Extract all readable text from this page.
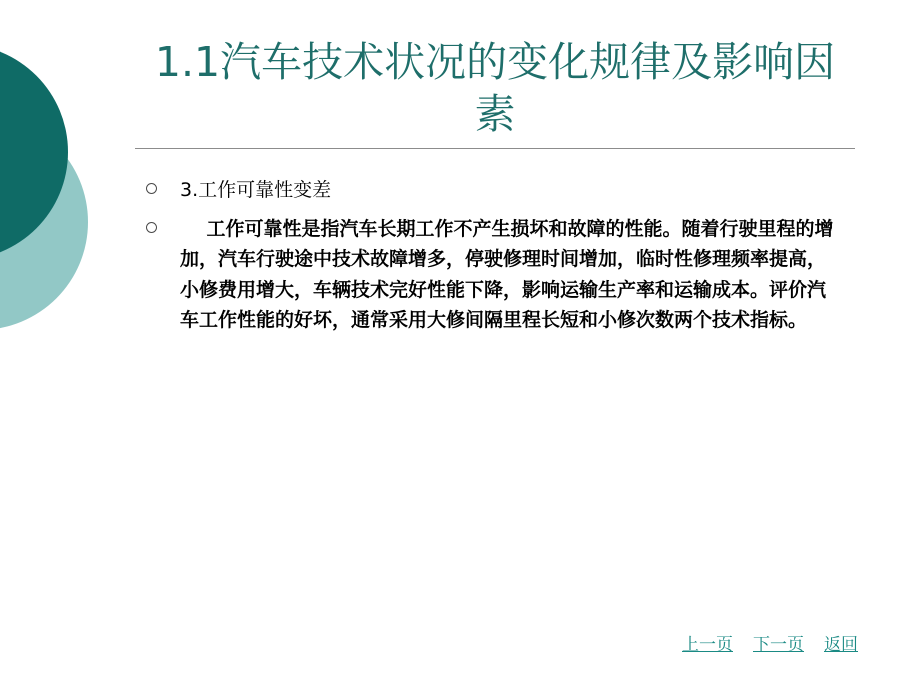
1.1汽车技术状况的变化规律及影响因素
3.工作可靠性变差
工作可靠性是指汽车长期工作不产生损坏和故障的性能。随着行驶里程的增加，汽车行驶途中技术故障增多，停驶修理时间增加，临时性修理频率提高，小修费用增大，车辆技术完好性能下降，影响运输生产率和运输成本。评价汽车工作性能的好坏，通常采用大修间隔里程长短和小修次数两个技术指标。
上一页 下一页 返回
